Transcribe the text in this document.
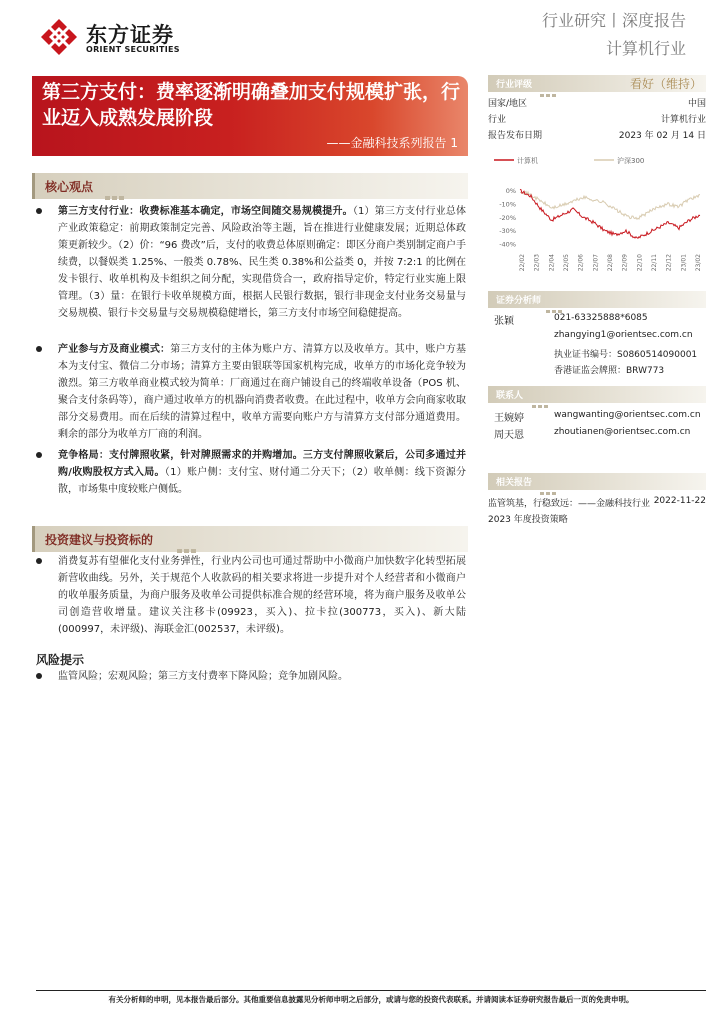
东方证券
ORIENT SECURITIES
行业研究丨深度报告
计算机行业
第三方支付：费率逐渐明确叠加支付规模扩张，行业迈入成熟发展阶段
——金融科技系列报告 1
核心观点
第三方支付行业：收费标准基本确定，市场空间随交易规模提升。（1）第三方支付行业总体产业政策稳定：前期政策制定完善、风险政治等主题，旨在推进行业健康发展；近期总体政策更新较少。（2）价：“96 费改”后，支付的收费总体原则确定：即区分商户类别制定商户手续费，以餐娱类 1.25%、一般类 0.78%、民生类 0.38%和公益类 0，并按 7:2:1 的比例在发卡银行、收单机构及卡组织之间分配，实现借贷合一，政府指导定价，特定行业实施上限管理。（3）量：在银行卡收单规模方面，根据人民银行数据，银行非现金支付业务交易量与交易规模、银行卡交易量与交易规模稳健增长，第三方支付市场空间稳健提高。
产业参与方及商业模式：第三方支付的主体为账户方、清算方以及收单方。其中，账户方基本为支付宝、微信二分市场；清算方主要由银联等国家机构完成，收单方的市场化竞争较为激烈。第三方收单商业模式较为简单：厂商通过在商户铺设自己的终端收单设备（POS 机、聚合支付条码等），商户通过收单方的机器向消费者收费。在此过程中，收单方会向商家收取部分交易费用。而在后续的清算过程中，收单方需要向账户方与清算方支付部分通道费用。剩余的部分为收单方厂商的利润。
竞争格局：支付牌照收紧，针对牌照需求的并购增加。三方支付牌照收紧后，公司多通过并购/收购股权方式入局。（1）账户侧：支付宝、财付通二分天下；（2）收单侧：线下资源分散，市场集中度较账户侧低。
投资建议与投资标的
消费复苏有望催化支付业务弹性，行业内公司也可通过帮助中小微商户加快数字化转型拓展新营收曲线。另外，关于规范个人收款码的相关要求将进一步提升对个人经营者和小微商户的收单服务质量，为商户服务及收单公司提供标准合规的经营环境，将为商户服务及收单公司创造营收增量。建议关注移卡(09923，买入)、拉卡拉(300773，买入)、新大陆(000997，未评级)、海联金汇(002537，未评级)。
风险提示
监管风险；宏观风险；第三方支付费率下降风险；竞争加剧风险。
行业评级	看好（维持）
国家/地区	中国
行业	计算机行业
报告发布日期	2023 年 02 月 14 日
计算机	沪深300
0%
-10%
-20%
-30%
-40%
22/02 22/03 22/04 22/05 22/06 22/07 22/08 22/09 22/10 22/11 22/12 23/01 23/02
证券分析师
张颖	021-63325888*6085
zhangying1@orientsec.com.cn
执业证书编号：S0860514090001
香港证监会牌照：BRW773
联系人
王婉婷	wangwanting@orientsec.com.cn
周天恩	zhoutianen@orientsec.com.cn
相关报告
监管筑基，行稳致远：——金融科技行业 2022-11-22
2023 年度投资策略
有关分析师的申明，见本报告最后部分。其他重要信息披露见分析师申明之后部分，或请与您的投资代表联系。并请阅读本证券研究报告最后一页的免责申明。
